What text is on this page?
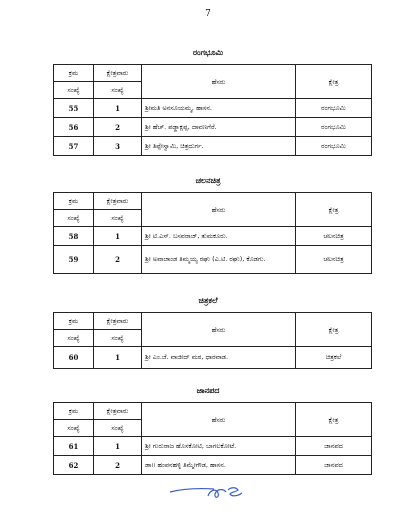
7
ರಂಗಭೂಮಿ
ಕ್ರಮ	ಕ್ಷೇತ್ರವಾರು	ಹೆಸರು	ಕ್ಷೇತ್ರ
ಸಂಖ್ಯೆ	ಸಂಖ್ಯೆ		
55	1	ಶ್ರೀಮತಿ ಅನಸೂಯಮ್ಮ, ಹಾಸನ.	ರಂಗಭೂಮಿ
56	2	ಶ್ರೀ ಹೆಚ್. ಪಡ್ಡಾಕ್ಷಪ್ಪ, ದಾವಣಗೆರೆ.	ರಂಗಭೂಮಿ
57	3	ಶ್ರೀ ತಿಪ್ಪೇಸ್ವಾಮಿ, ಚಿತ್ರದುರ್ಗ.	ರಂಗಭೂಮಿ
ಚಲನಚಿತ್ರ
ಕ್ರಮ	ಕ್ಷೇತ್ರವಾರು	ಹೆಸರು	ಕ್ಷೇತ್ರ
ಸಂಖ್ಯೆ	ಸಂಖ್ಯೆ		
58	1	ಶ್ರೀ ಟಿ.ಎಸ್. ಬಸವರಾಜ್, ತುಮಕೂರು.	ಚಲನಚಿತ್ರ
59	2	ಶ್ರೀ ಅವಾಜಾಂಡ ತಿಮ್ಮಯ್ಯ ರಘು (ಎ.ಟಿ. ರಘು), ಕೊಡಗು.	ಚಲನಚಿತ್ರ
ಚಿತ್ರಕಲೆ
ಕ್ರಮ	ಕ್ಷೇತ್ರವಾರು	ಹೆಸರು	ಕ್ಷೇತ್ರ
ಸಂಖ್ಯೆ	ಸಂಖ್ಯೆ		
60	1	ಶ್ರೀ ಎಂ.ಜೆ. ವಾಜೀದ್ ಮಠ, ಧಾರವಾಡ.	ಚಿತ್ರಕಲೆ
ಜಾನಪದ
ಕ್ರಮ	ಕ್ಷೇತ್ರವಾರು	ಹೆಸರು	ಕ್ಷೇತ್ರ
ಸಂಖ್ಯೆ	ಸಂಖ್ಯೆ		
61	1	ಶ್ರೀ ಗುರುರಾಜ ಹೊಸಕೋಟಿ, ಬಾಗಲಕೋಟೆ.	ಜಾನಪದ
62	2	ಡಾ॥ ಹಂಪನಹಳ್ಳಿ ತಿಮ್ಮೇಗೌಡ, ಹಾಸನ.	ಜಾನಪದ
